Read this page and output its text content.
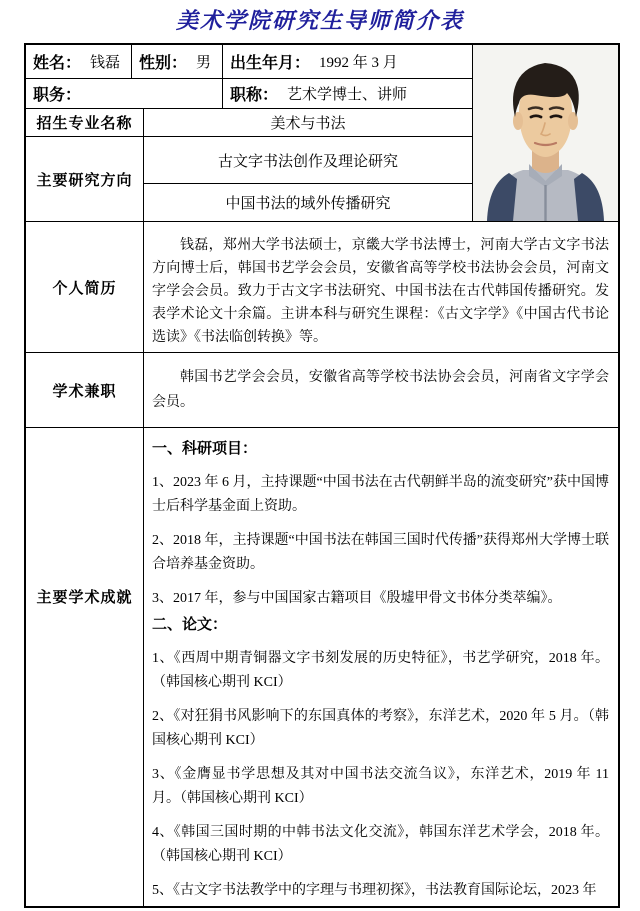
美术学院研究生导师简介表
姓名： 钱磊 性别： 男 出生年月： 1992 年 3 月
职务：	职称： 艺术学博士、讲师
招生专业名称	美术与书法
主要研究方向
古文字书法创作及理论研究
中国书法的域外传播研究
个人简历
钱磊，郑州大学书法硕士，京畿大学书法博士，河南大学古文字书法方向博士后，韩国书艺学会会员，安徽省高等学校书法协会会员，河南文字学会会员。致力于古文字书法研究、中国书法在古代韩国传播研究。发表学术论文十余篇。主讲本科与研究生课程：《古文字学》《中国古代书论选读》《书法临创转换》等。
学术兼职
韩国书艺学会会员，安徽省高等学校书法协会会员，河南省文字学会会员。
主要学术成就

一、科研项目：

1、2023 年 6 月，主持课题“中国书法在古代朝鲜半岛的流变研究”获中国博士后科学基金面上资助。

2、2018 年，主持课题“中国书法在韩国三国时代传播”获得郑州大学博士联合培养基金资助。

3、2017 年，参与中国国家古籍项目《殷墟甲骨文书体分类萃编》。

二、论文：

1、《西周中期青铜器文字书刻发展的历史特征》，书艺学研究，2018 年。（韩国核心期刊 KCI）

2、《对狂狷书风影响下的东国真体的考察》，东洋艺术，2020 年 5 月。（韩国核心期刊 KCI）

3、《金膺显书学思想及其对中国书法交流刍议》，东洋艺术，2019 年 11 月。（韩国核心期刊 KCI）

4、《韩国三国时期的中韩书法文化交流》，韩国东洋艺术学会，2018 年。（韩国核心期刊 KCI）

5、《古文字书法教学中的字理与书理初探》，书法教育国际论坛，2023 年
